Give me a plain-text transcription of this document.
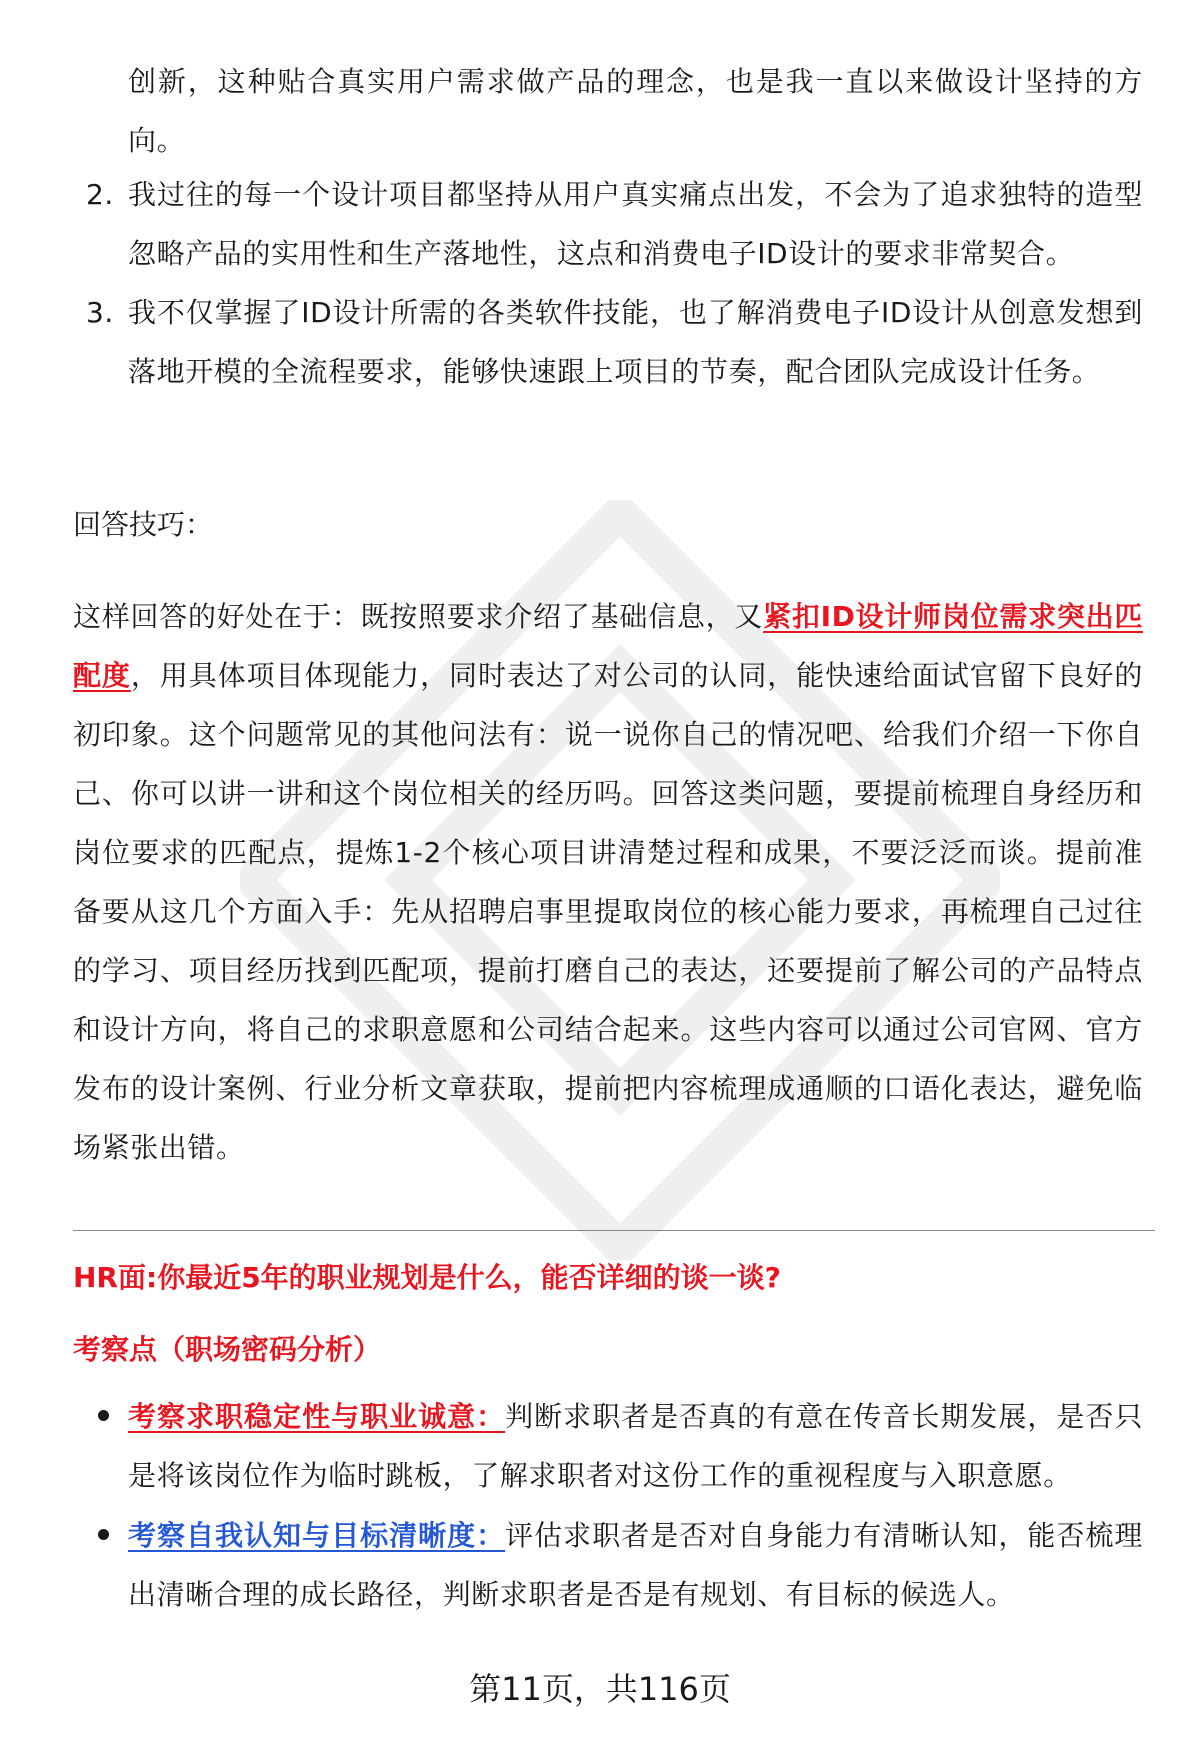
创新，这种贴合真实用户需求做产品的理念，也是我一直以来做设计坚持的方向。
2. 我过往的每一个设计项目都坚持从用户真实痛点出发，不会为了追求独特的造型忽略产品的实用性和生产落地性，这点和消费电子ID设计的要求非常契合。
3. 我不仅掌握了ID设计所需的各类软件技能，也了解消费电子ID设计从创意发想到落地开模的全流程要求，能够快速跟上项目的节奏，配合团队完成设计任务。
回答技巧：
这样回答的好处在于：既按照要求介绍了基础信息，又紧扣ID设计师岗位需求突出匹配度，用具体项目体现能力，同时表达了对公司的认同，能快速给面试官留下良好的初印象。这个问题常见的其他问法有：说一说你自己的情况吧、给我们介绍一下你自己、你可以讲一讲和这个岗位相关的经历吗。回答这类问题，要提前梳理自身经历和岗位要求的匹配点，提炼1-2个核心项目讲清楚过程和成果，不要泛泛而谈。提前准备要从这几个方面入手：先从招聘启事里提取岗位的核心能力要求，再梳理自己过往的学习、项目经历找到匹配项，提前打磨自己的表达，还要提前了解公司的产品特点和设计方向，将自己的求职意愿和公司结合起来。这些内容可以通过公司官网、官方发布的设计案例、行业分析文章获取，提前把内容梳理成通顺的口语化表达，避免临场紧张出错。
HR面:你最近5年的职业规划是什么，能否详细的谈一谈?
考察点（职场密码分析）
考察求职稳定性与职业诚意：判断求职者是否真的有意在传音长期发展，是否只是将该岗位作为临时跳板，了解求职者对这份工作的重视程度与入职意愿。
考察自我认知与目标清晰度：评估求职者是否对自身能力有清晰认知，能否梳理出清晰合理的成长路径，判断求职者是否是有规划、有目标的候选人。
第11页，共116页
